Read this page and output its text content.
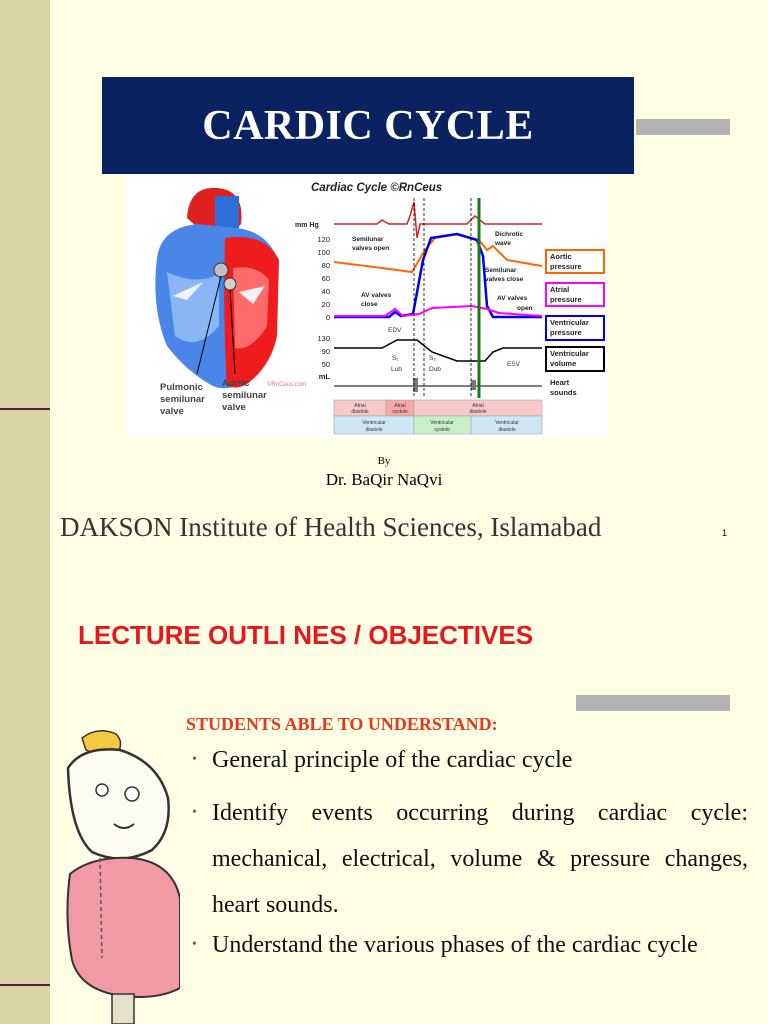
CARDIC CYCLE
Pulmonic
semilunar
valve
Aortic
semilunar
valve
©RnCeus.com
Cardiac Cycle ©RnCeus
mm Hg
120
100
80
60
40
20
0
130
90
50
mL
Semilunar
valves open
Dichrotic
wave
Semilunar
valves close
AV valves
close
AV valves
open
EDV
ESV
S₁
Lub
S₂
Dub
Aortic
pressure
Atrial
pressure
Ventricular
pressure
Ventricular
volume
Heart
sounds
Atrial
diastole
Atrial
systole
Atrial
diastole
Ventricular
diastole
Ventricular
systole
Ventricular
diastole
By
Dr. BaQir NaQvi
DAKSON Institute of Health Sciences, Islamabad	1
LECTURE OUTLI NES / OBJECTIVES
STUDENTS ABLE TO UNDERSTAND:
• General principle of the cardiac cycle
• Identify events occurring during cardiac cycle: mechanical, electrical, volume & pressure changes, heart sounds.
• Understand the various phases of the cardiac cycle
